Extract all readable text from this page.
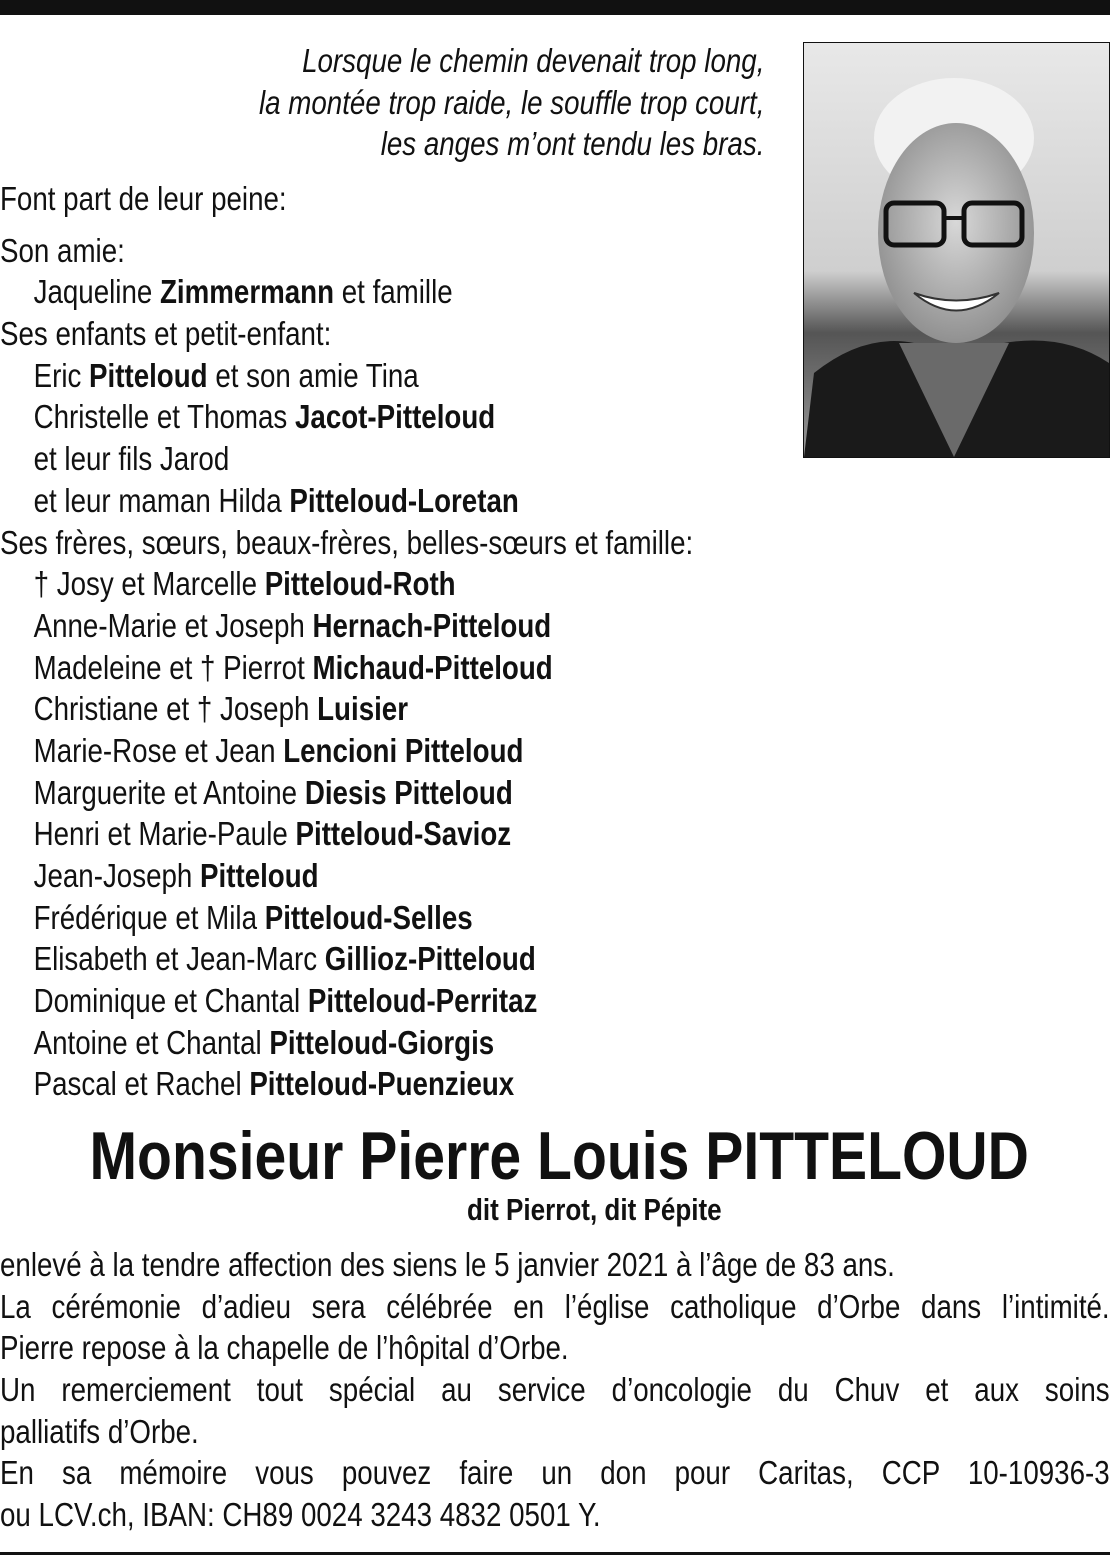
Lorsque le chemin devenait trop long,
la montée trop raide, le souffle trop court,
les anges m’ont tendu les bras.
Font part de leur peine:
Son amie:
Jaqueline Zimmermann et famille
Ses enfants et petit-enfant:
Eric Pitteloud et son amie Tina
Christelle et Thomas Jacot-Pitteloud
et leur fils Jarod
et leur maman Hilda Pitteloud-Loretan
Ses frères, sœurs, beaux-frères, belles-sœurs et famille:
† Josy et Marcelle Pitteloud-Roth
Anne-Marie et Joseph Hernach-Pitteloud
Madeleine et † Pierrot Michaud-Pitteloud
Christiane et † Joseph Luisier
Marie-Rose et Jean Lencioni Pitteloud
Marguerite et Antoine Diesis Pitteloud
Henri et Marie-Paule Pitteloud-Savioz
Jean-Joseph Pitteloud
Frédérique et Mila Pitteloud-Selles
Elisabeth et Jean-Marc Gillioz-Pitteloud
Dominique et Chantal Pitteloud-Perritaz
Antoine et Chantal Pitteloud-Giorgis
Pascal et Rachel Pitteloud-Puenzieux
Monsieur Pierre Louis PITTELOUD
dit Pierrot, dit Pépite
enlevé à la tendre affection des siens le 5 janvier 2021 à l’âge de 83 ans.
La cérémonie d’adieu sera célébrée en l’église catholique d’Orbe dans l’intimité.
Pierre repose à la chapelle de l’hôpital d’Orbe.
Un remerciement tout spécial au service d’oncologie du Chuv et aux soins
palliatifs d’Orbe.
En sa mémoire vous pouvez faire un don pour Caritas, CCP 10-10936-3
ou LCV.ch, IBAN: CH89 0024 3243 4832 0501 Y.
